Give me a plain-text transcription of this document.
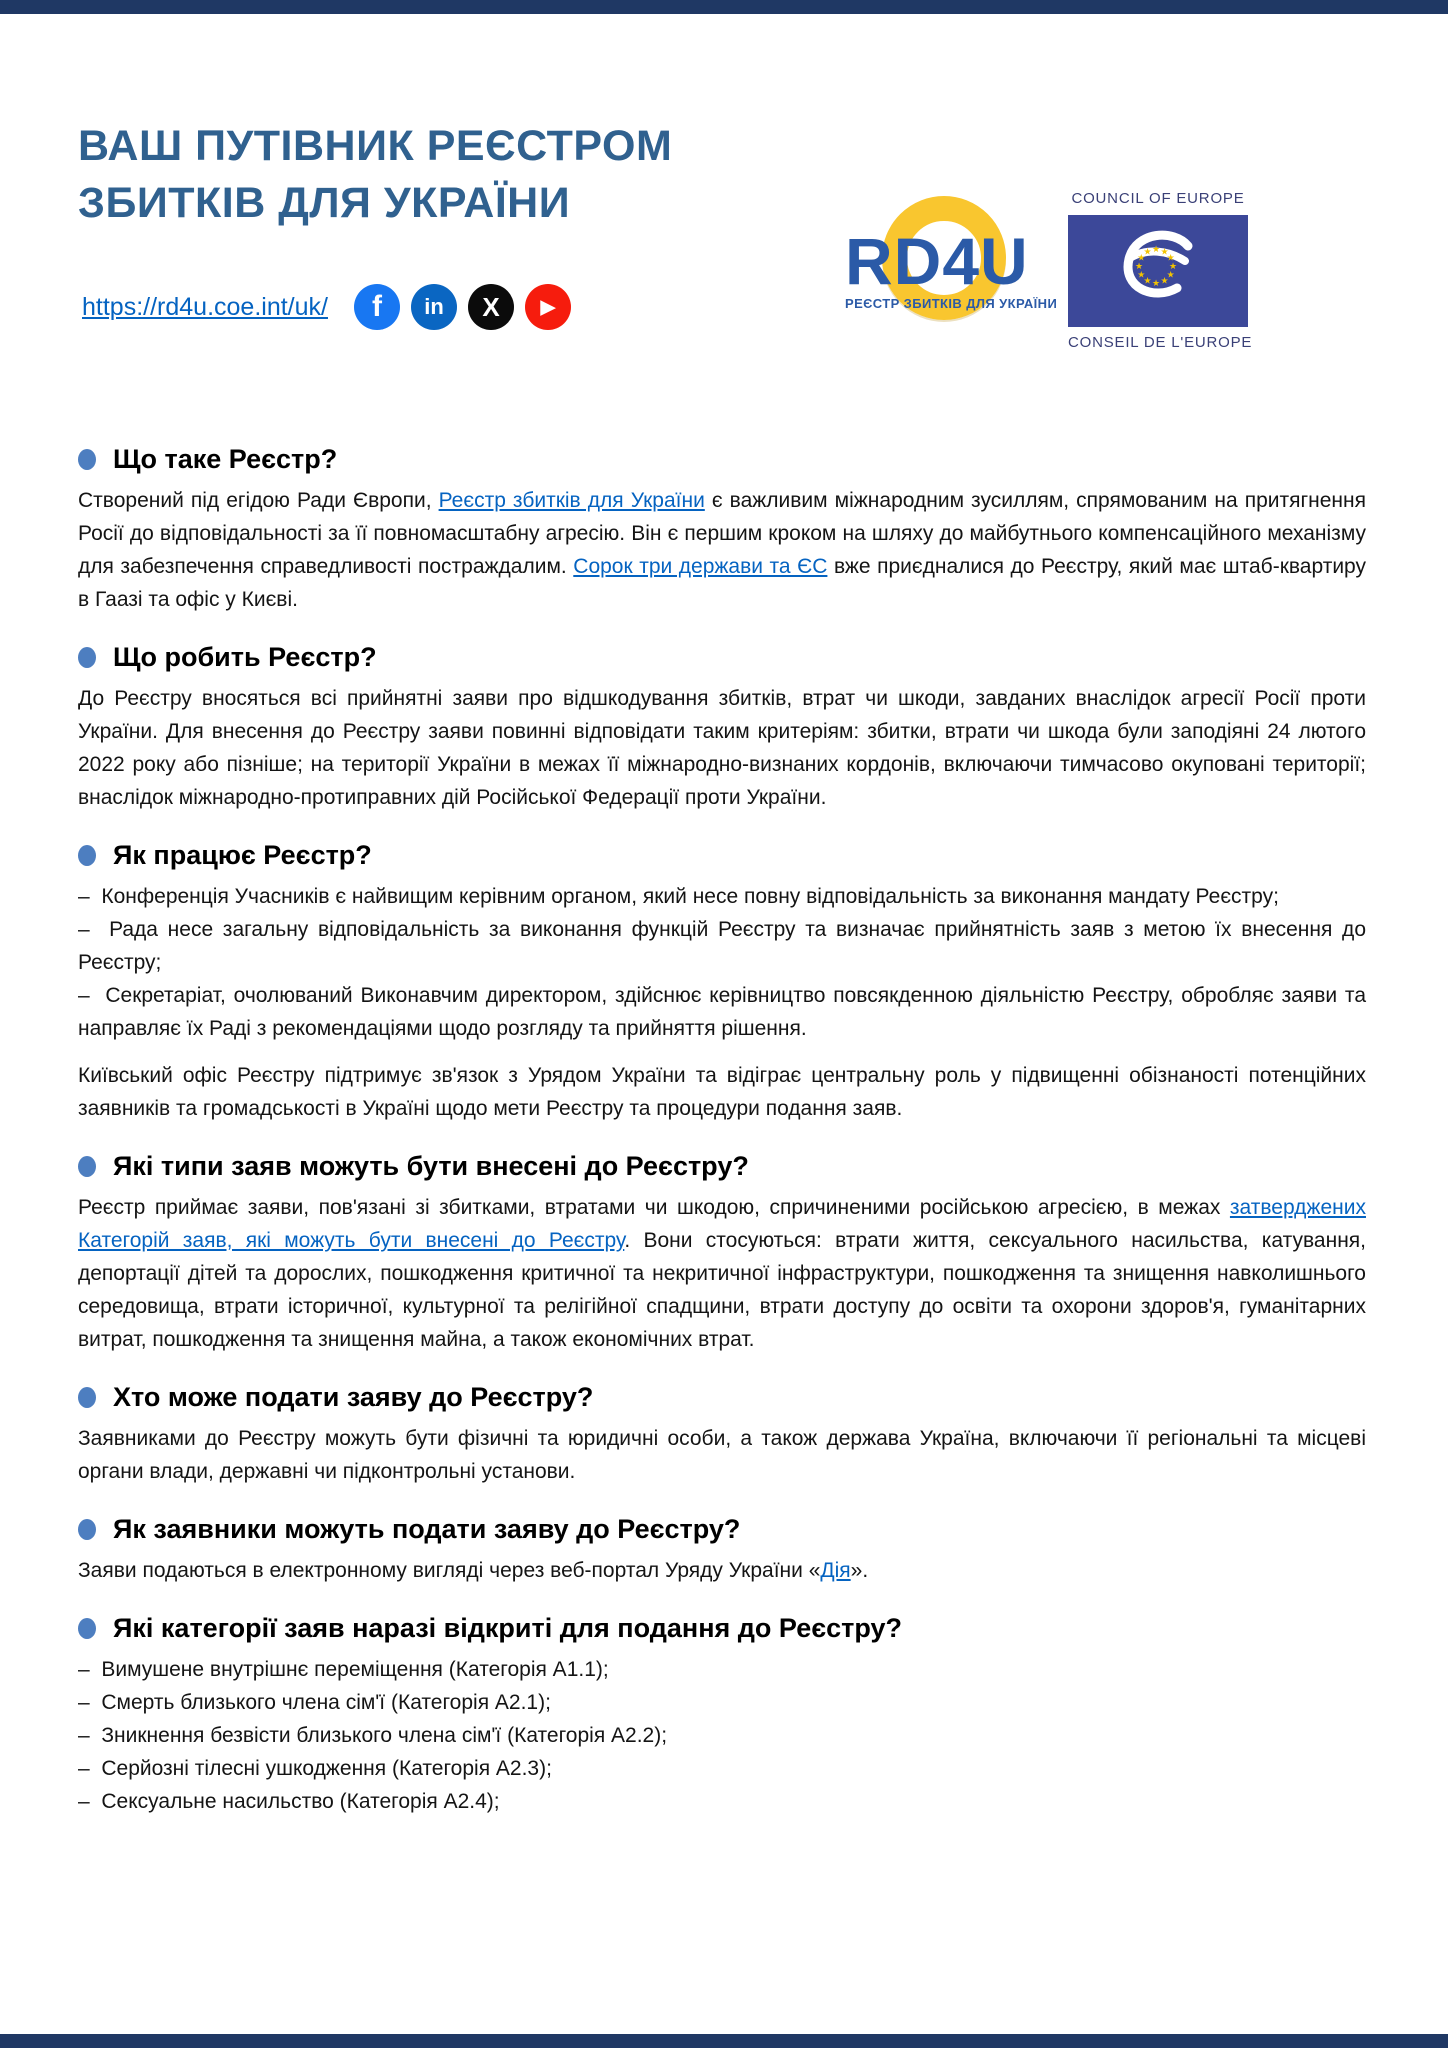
ВАШ ПУТІВНИК РЕЄСТРОМ
ЗБИТКІВ ДЛЯ УКРАЇНИ
https://rd4u.coe.int/uk/ f in X ▶
RD4U
РЕЄСТР ЗБИТКІВ ДЛЯ УКРАЇНИ
COUNCIL OF EUROPE
★
★
★
★
★
★
★
★
★ ★ ★
★
CONSEIL DE L'EUROPE
Що таке Реєстр?

Створений під егідою Ради Європи, Реєстр збитків для України є важливим міжнародним зусиллям, спрямованим на притягнення Росії до відповідальності за її повномасштабну агресію. Він є першим кроком на шляху до майбутнього компенсаційного механізму для забезпечення справедливості постраждалим. Сорок три держави та ЄС вже приєдналися до Реєстру, який має штаб-квартиру в Гаазі та офіс у Києві.

Що робить Реєстр?

До Реєстру вносяться всі прийнятні заяви про відшкодування збитків, втрат чи шкоди, завданих внаслідок агресії Росії проти України. Для внесення до Реєстру заяви повинні відповідати таким критеріям: збитки, втрати чи шкода були заподіяні 24 лютого 2022 року або пізніше; на території України в межах її міжнародно-визнаних кордонів, включаючи тимчасово окуповані території; внаслідок міжнародно-протиправних дій Російської Федерації проти України.

Як працює Реєстр?

–  Конференція Учасників є найвищим керівним органом, який несе повну відповідальність за виконання мандату Реєстру;

–  Рада несе загальну відповідальність за виконання функцій Реєстру та визначає прийнятність заяв з метою їх внесення до Реєстру;

–  Секретаріат, очолюваний Виконавчим директором, здійснює керівництво повсякденною діяльністю Реєстру, обробляє заяви та направляє їх Раді з рекомендаціями щодо розгляду та прийняття рішення.

Київський офіс Реєстру підтримує зв'язок з Урядом України та відіграє центральну роль у підвищенні обізнаності потенційних заявників та громадськості в Україні щодо мети Реєстру та процедури подання заяв.

Які типи заяв можуть бути внесені до Реєстру?

Реєстр приймає заяви, пов'язані зі збитками, втратами чи шкодою, спричиненими російською агресією, в межах затверджених Категорій заяв, які можуть бути внесені до Реєстру. Вони стосуються: втрати життя, сексуального насильства, катування, депортації дітей та дорослих, пошкодження критичної та некритичної інфраструктури, пошкодження та знищення навколишнього середовища, втрати історичної, культурної та релігійної спадщини, втрати доступу до освіти та охорони здоров'я, гуманітарних витрат, пошкодження та знищення майна, а також економічних втрат.

Хто може подати заяву до Реєстру?

Заявниками до Реєстру можуть бути фізичні та юридичні особи, а також держава Україна, включаючи її регіональні та місцеві органи влади, державні чи підконтрольні установи.

Як заявники можуть подати заяву до Реєстру?

Заяви подаються в електронному вигляді через веб-портал Уряду України «Дія».

Які категорії заяв наразі відкриті для подання до Реєстру?

–  Вимушене внутрішнє переміщення (Категорія А1.1);

–  Смерть близького члена сім'ї (Категорія А2.1);

–  Зникнення безвісти близького члена сім'ї (Категорія А2.2);

–  Серйозні тілесні ушкодження (Категорія А2.3);

–  Сексуальне насильство (Категорія А2.4);
